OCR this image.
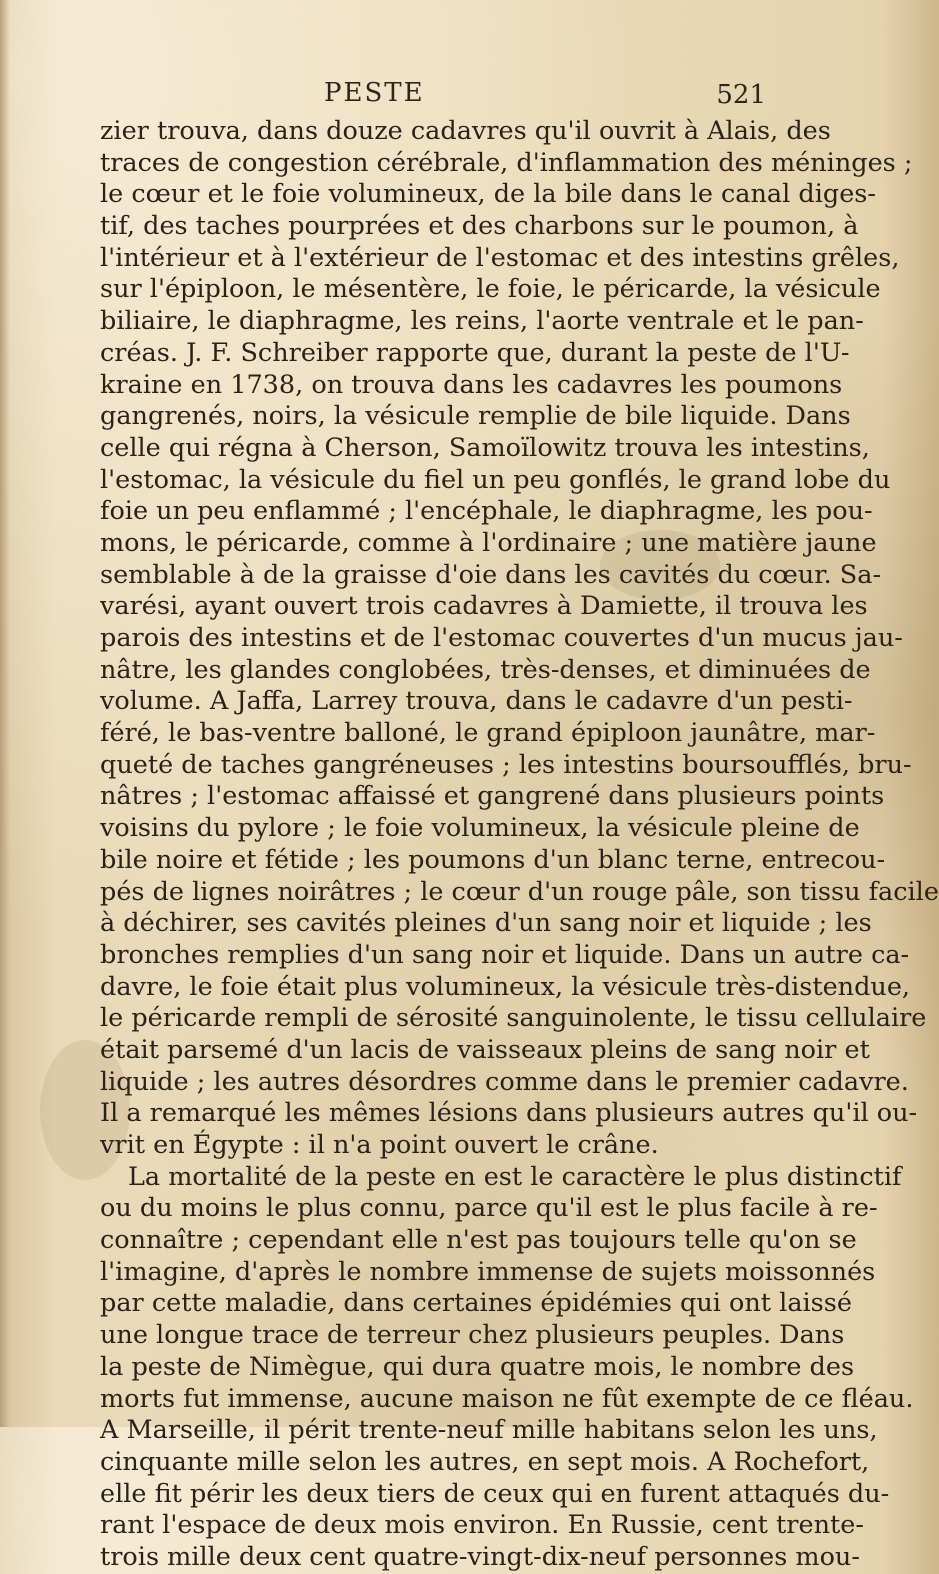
PESTE	521
zier trouva, dans douze cadavres qu'il ouvrit à Alais, des
traces de congestion cérébrale, d'inflammation des méninges ;
le cœur et le foie volumineux, de la bile dans le canal diges-
tif, des taches pourprées et des charbons sur le poumon, à
l'intérieur et à l'extérieur de l'estomac et des intestins grêles,
sur l'épiploon, le mésentère, le foie, le péricarde, la vésicule
biliaire, le diaphragme, les reins, l'aorte ventrale et le pan-
créas. J. F. Schreiber rapporte que, durant la peste de l'U-
kraine en 1738, on trouva dans les cadavres les poumons
gangrenés, noirs, la vésicule remplie de bile liquide. Dans
celle qui régna à Cherson, Samoïlowitz trouva les intestins,
l'estomac, la vésicule du fiel un peu gonflés, le grand lobe du
foie un peu enflammé ; l'encéphale, le diaphragme, les pou-
mons, le péricarde, comme à l'ordinaire ; une matière jaune
semblable à de la graisse d'oie dans les cavités du cœur. Sa-
varési, ayant ouvert trois cadavres à Damiette, il trouva les
parois des intestins et de l'estomac couvertes d'un mucus jau-
nâtre, les glandes conglobées, très-denses, et diminuées de
volume. A Jaffa, Larrey trouva, dans le cadavre d'un pesti-
féré, le bas-ventre balloné, le grand épiploon jaunâtre, mar-
queté de taches gangréneuses ; les intestins boursoufflés, bru-
nâtres ; l'estomac affaissé et gangrené dans plusieurs points
voisins du pylore ; le foie volumineux, la vésicule pleine de
bile noire et fétide ; les poumons d'un blanc terne, entrecou-
pés de lignes noirâtres ; le cœur d'un rouge pâle, son tissu facile
à déchirer, ses cavités pleines d'un sang noir et liquide ; les
bronches remplies d'un sang noir et liquide. Dans un autre ca-
davre, le foie était plus volumineux, la vésicule très-distendue,
le péricarde rempli de sérosité sanguinolente, le tissu cellulaire
était parsemé d'un lacis de vaisseaux pleins de sang noir et
liquide ; les autres désordres comme dans le premier cadavre.
Il a remarqué les mêmes lésions dans plusieurs autres qu'il ou-
vrit en Égypte : il n'a point ouvert le crâne.
La mortalité de la peste en est le caractère le plus distinctif
ou du moins le plus connu, parce qu'il est le plus facile à re-
connaître ; cependant elle n'est pas toujours telle qu'on se
l'imagine, d'après le nombre immense de sujets moissonnés
par cette maladie, dans certaines épidémies qui ont laissé
une longue trace de terreur chez plusieurs peuples. Dans
la peste de Nimègue, qui dura quatre mois, le nombre des
morts fut immense, aucune maison ne fût exempte de ce fléau.
A Marseille, il périt trente-neuf mille habitans selon les uns,
cinquante mille selon les autres, en sept mois. A Rochefort,
elle fit périr les deux tiers de ceux qui en furent attaqués du-
rant l'espace de deux mois environ. En Russie, cent trente-
trois mille deux cent quatre-vingt-dix-neuf personnes mou-
